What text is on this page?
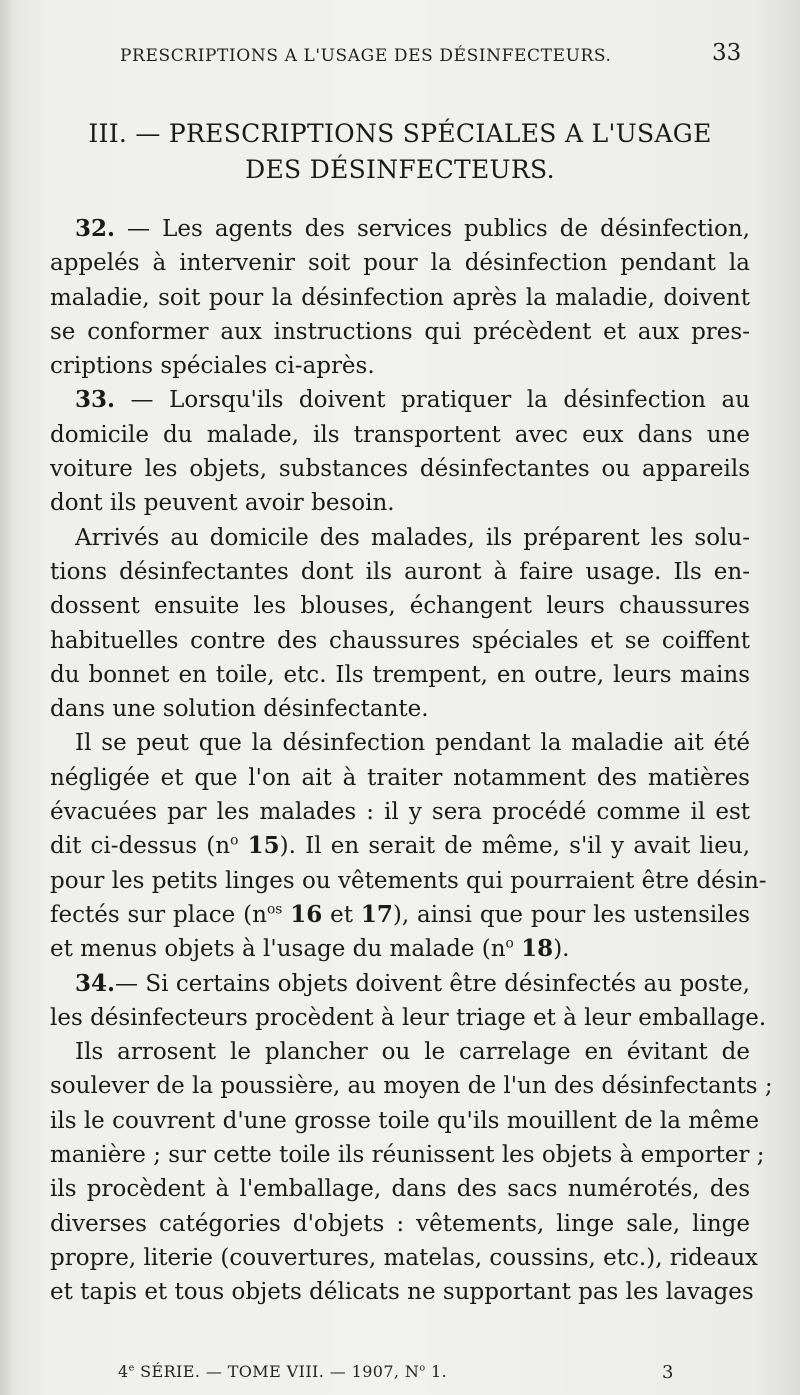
PRESCRIPTIONS A L'USAGE DES DÉSINFECTEURS.	33
III. — PRESCRIPTIONS SPÉCIALES A L'USAGE
DES DÉSINFECTEURS.

32. — Les agents des services publics de désinfection,
appelés à intervenir soit pour la désinfection pendant la
maladie, soit pour la désinfection après la maladie, doivent
se conformer aux instructions qui précèdent et aux pres-
criptions spéciales ci-après.

33. — Lorsqu'ils doivent pratiquer la désinfection au
domicile du malade, ils transportent avec eux dans une
voiture les objets, substances désinfectantes ou appareils
dont ils peuvent avoir besoin.

Arrivés au domicile des malades, ils préparent les solu-
tions désinfectantes dont ils auront à faire usage. Ils en-
dossent ensuite les blouses, échangent leurs chaussures
habituelles contre des chaussures spéciales et se coiffent
du bonnet en toile, etc. Ils trempent, en outre, leurs mains
dans une solution désinfectante.

Il se peut que la désinfection pendant la maladie ait été
négligée et que l'on ait à traiter notamment des matières
évacuées par les malades : il y sera procédé comme il est
dit ci-dessus ($n^o$ 15). Il en serait de même, s'il y avait lieu,
pour les petits linges ou vêtements qui pourraient être désin-
fectés sur place ($n^{os}$ 16 et 17), ainsi que pour les ustensiles
et menus objets à l'usage du malade ($n^o$ 18).

34.— Si certains objets doivent être désinfectés au poste,
les désinfecteurs procèdent à leur triage et à leur emballage.

Ils arrosent le plancher ou le carrelage en évitant de
soulever de la poussière, au moyen de l'un des désinfectants ;
ils le couvrent d'une grosse toile qu'ils mouillent de la même
manière ; sur cette toile ils réunissent les objets à emporter ;
ils procèdent à l'emballage, dans des sacs numérotés, des
diverses catégories d'objets : vêtements, linge sale, linge
propre, literie (couvertures, matelas, coussins, etc.), rideaux
et tapis et tous objets délicats ne supportant pas les lavages

4e SÉRIE. — TOME VIII. — 1907, $N^o$ 1.	3
